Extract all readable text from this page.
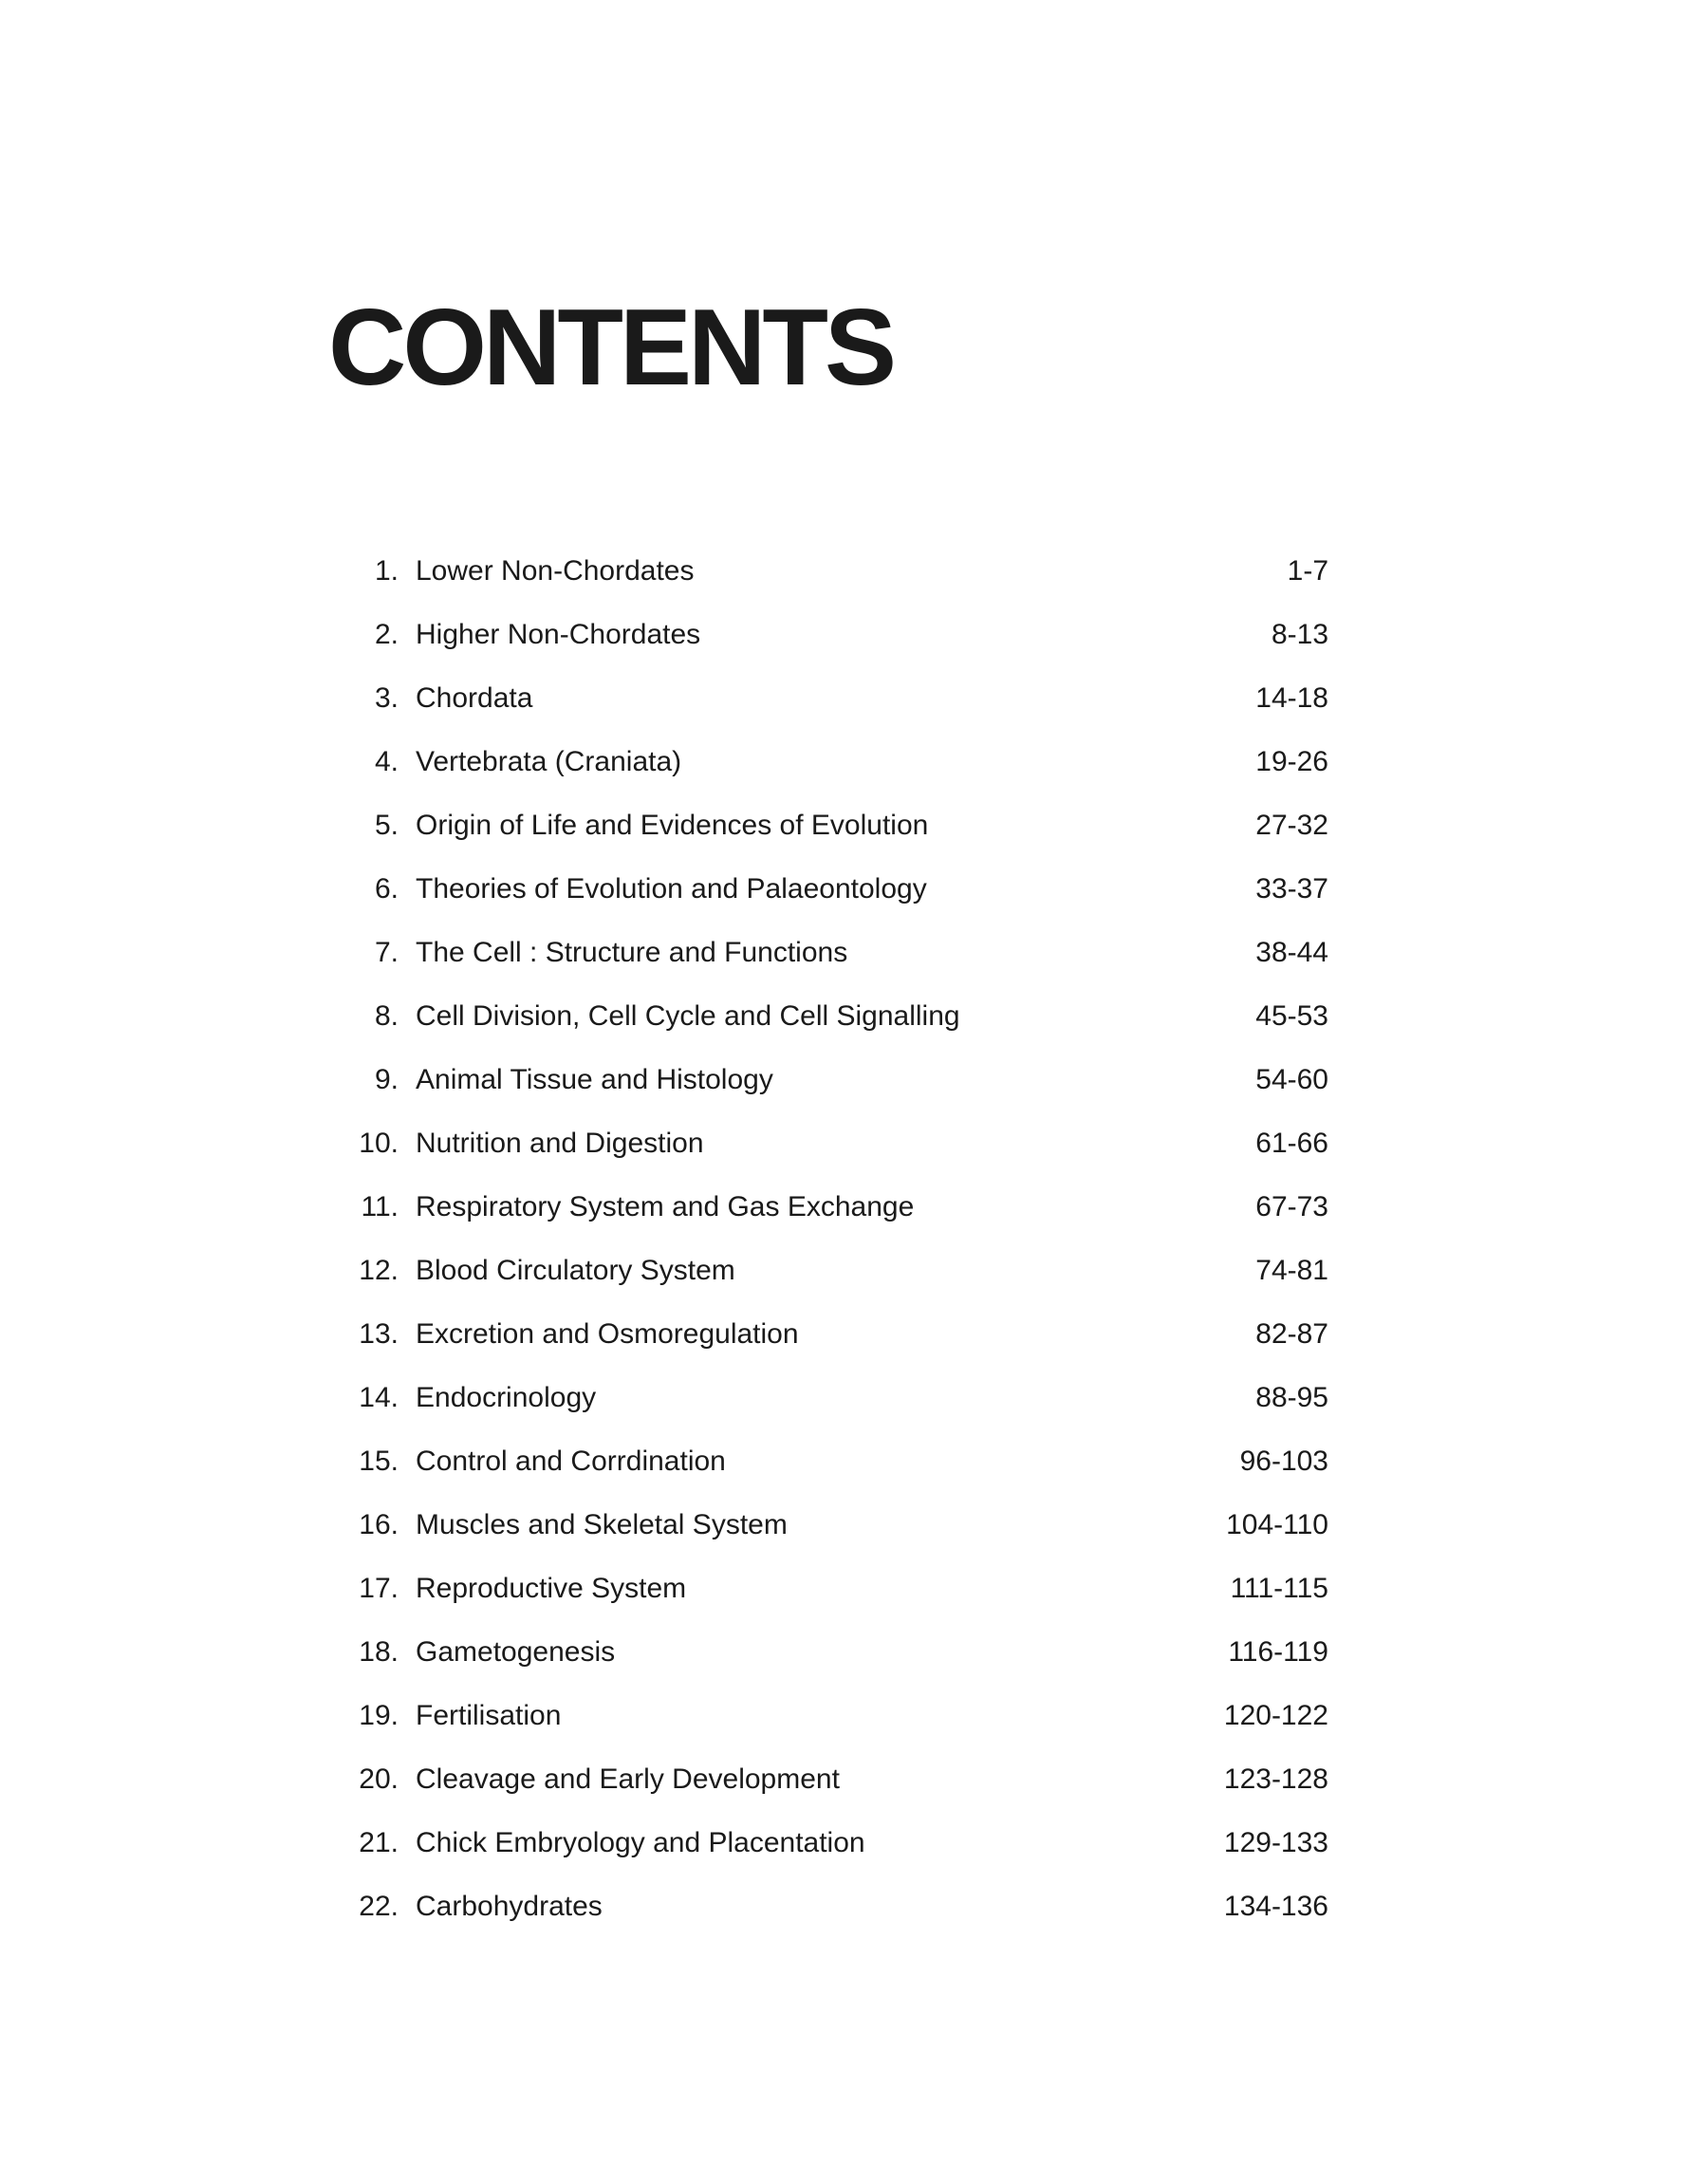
CONTENTS
1. Lower Non-Chordates	1-7
2. Higher Non-Chordates	8-13
3. Chordata	14-18
4. Vertebrata (Craniata)	19-26
5. Origin of Life and Evidences of Evolution	27-32
6. Theories of Evolution and Palaeontology	33-37
7. The Cell : Structure and Functions	38-44
8. Cell Division, Cell Cycle and Cell Signalling	45-53
9. Animal Tissue and Histology	54-60
10. Nutrition and Digestion	61-66
11. Respiratory System and Gas Exchange	67-73
12. Blood Circulatory System	74-81
13. Excretion and Osmoregulation	82-87
14. Endocrinology	88-95
15. Control and Corrdination	96-103
16. Muscles and Skeletal System	104-110
17. Reproductive System	111-115
18. Gametogenesis	116-119
19. Fertilisation	120-122
20. Cleavage and Early Development	123-128
21. Chick Embryology and Placentation	129-133
22. Carbohydrates	134-136
